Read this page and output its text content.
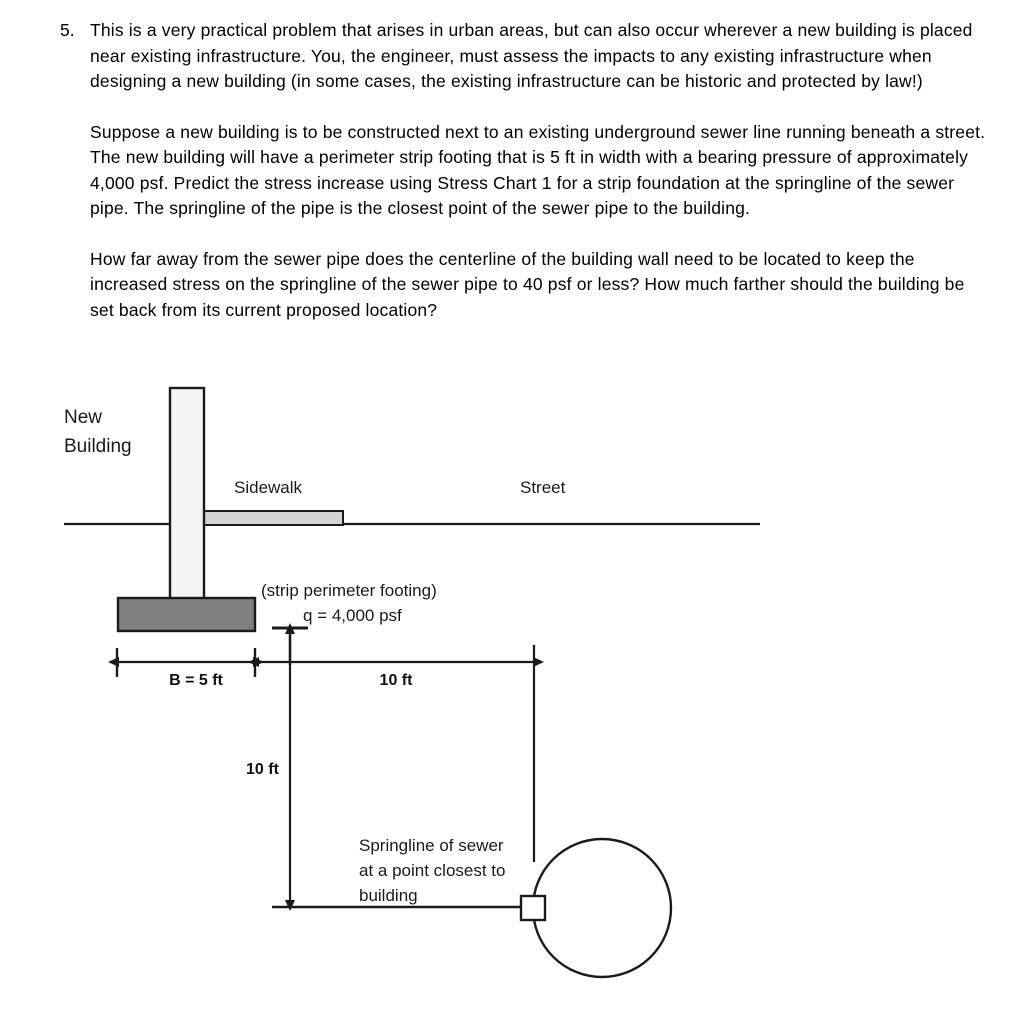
5. This is a very practical problem that arises in urban areas, but can also occur wherever a new building is placed near existing infrastructure. You, the engineer, must assess the impacts to any existing infrastructure when designing a new building (in some cases, the existing infrastructure can be historic and protected by law!)

Suppose a new building is to be constructed next to an existing underground sewer line running beneath a street. The new building will have a perimeter strip footing that is 5 ft in width with a bearing pressure of approximately 4,000 psf. Predict the stress increase using Stress Chart 1 for a strip foundation at the springline of the sewer pipe. The springline of the pipe is the closest point of the sewer pipe to the building.

How far away from the sewer pipe does the centerline of the building wall need to be located to keep the increased stress on the springline of the sewer pipe to 40 psf or less? How much farther should the building be set back from its current proposed location?

New
Building
Sidewalk	Street
(strip perimeter footing)
q = 4,000 psf
B = 5 ft	10 ft
10 ft
Springline of sewer
at a point closest to
building
